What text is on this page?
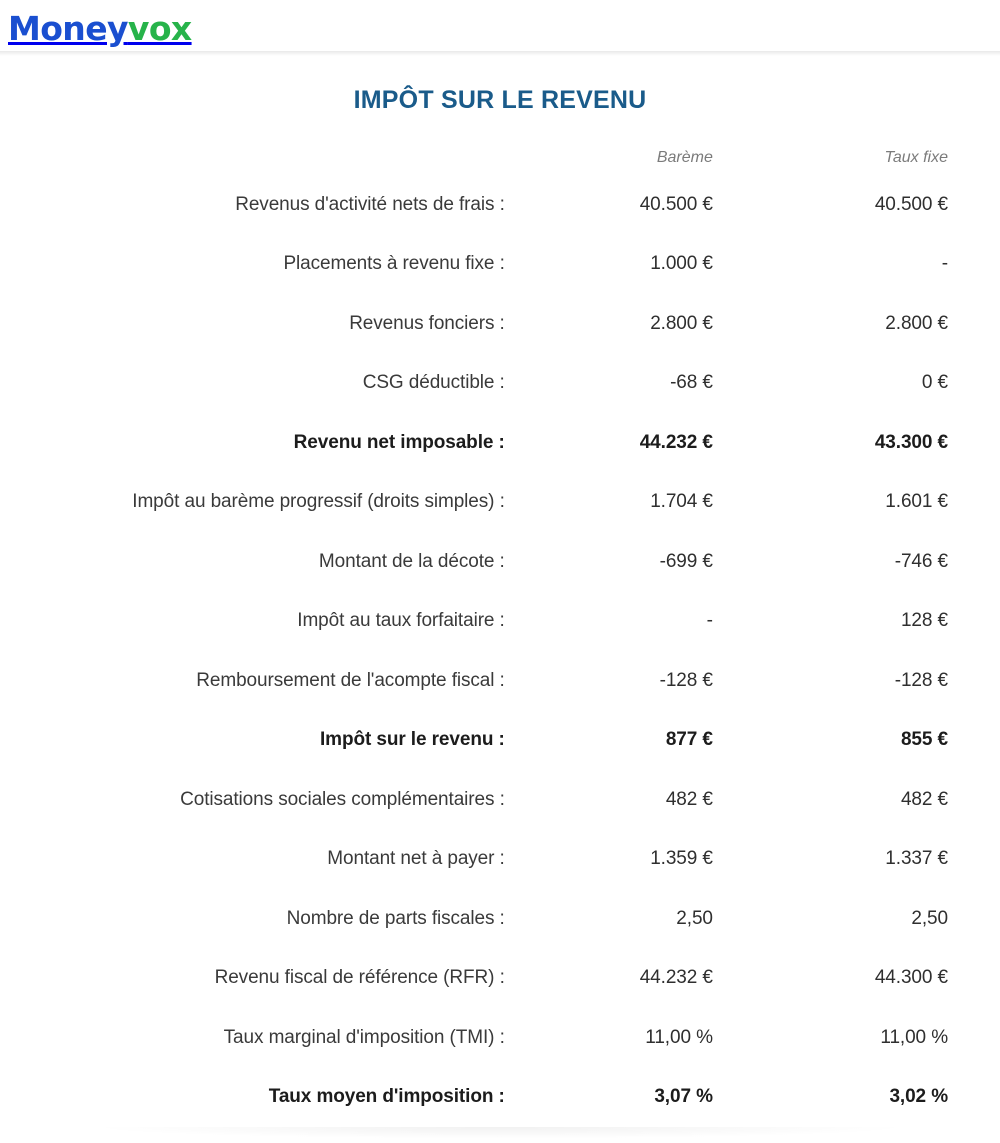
Money vox
IMPÔT SUR LE REVENU
	Barème	Taux fixe
Revenus d'activité nets de frais :	40.500 €	40.500 €
Placements à revenu fixe :	1.000 €	-
Revenus fonciers :	2.800 €	2.800 €
CSG déductible :	-68 €	0 €
Revenu net imposable :	44.232 €	43.300 €
Impôt au barème progressif (droits simples) :	1.704 €	1.601 €
Montant de la décote :	-699 €	-746 €
Impôt au taux forfaitaire :	-	128 €
Remboursement de l'acompte fiscal :	-128 €	-128 €
Impôt sur le revenu :	877 €	855 €
Cotisations sociales complémentaires :	482 €	482 €
Montant net à payer :	1.359 €	1.337 €
Nombre de parts fiscales :	2,50	2,50
Revenu fiscal de référence (RFR) :	44.232 €	44.300 €
Taux marginal d'imposition (TMI) :	11,00 %	11,00 %
Taux moyen d'imposition :	3,07 %	3,02 %
